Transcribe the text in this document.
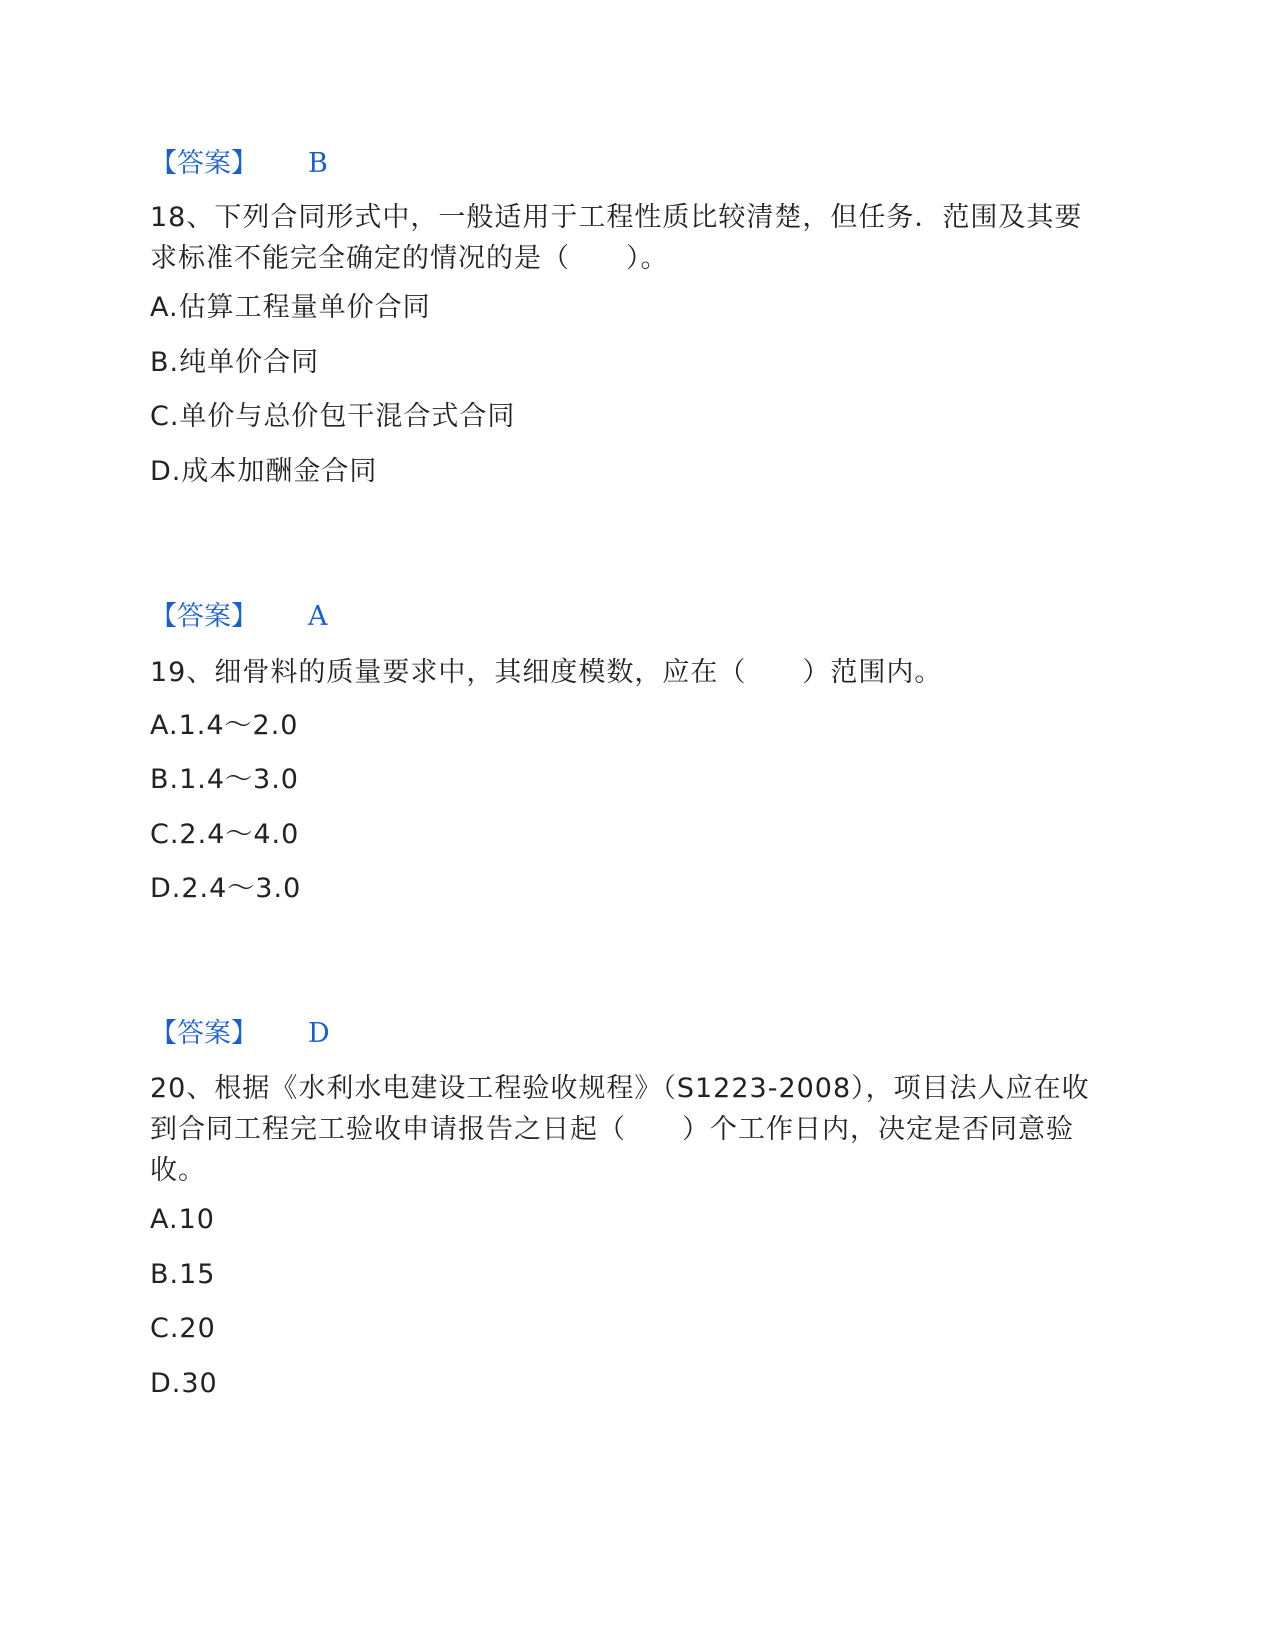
【答案】 B
18、下列合同形式中，一般适用于工程性质比较清楚，但任务．范围及其要求标准不能完全确定的情况的是（　　）。
A.估算工程量单价合同
B.纯单价合同
C.单价与总价包干混合式合同
D.成本加酬金合同
【答案】 A
19、细骨料的质量要求中，其细度模数，应在（　　）范围内。
A.1.4～2.0
B.1.4～3.0
C.2.4～4.0
D.2.4～3.0
【答案】 D
20、根据《水利水电建设工程验收规程》（S1223-2008），项目法人应在收到合同工程完工验收申请报告之日起（　　）个工作日内，决定是否同意验收。
A.10
B.15
C.20
D.30
